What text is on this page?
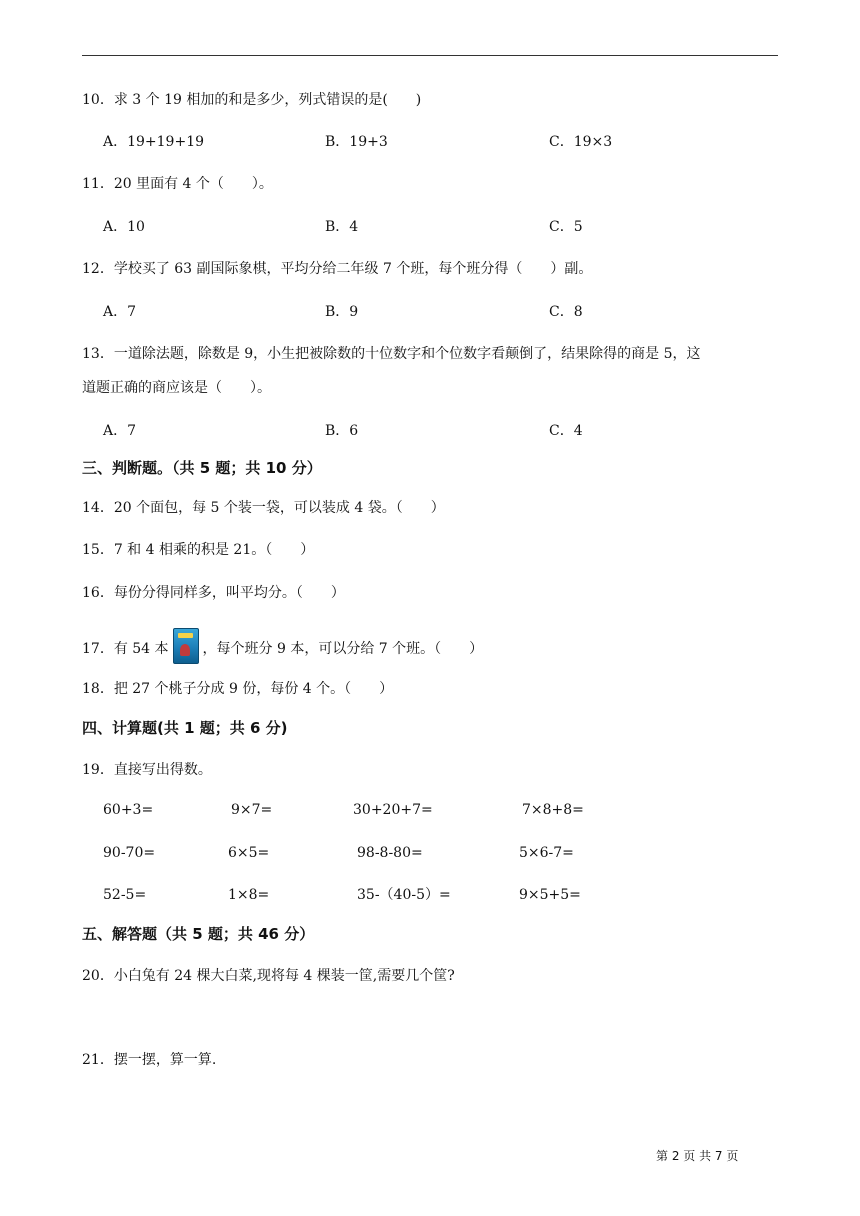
10．求 3 个 19 相加的和是多少，列式错误的是(　　)
A．19+19+19	B．19+3	C．19×3
11．20 里面有 4 个（　　）。
A．10	B．4	C．5
12．学校买了 63 副国际象棋，平均分给二年级 7 个班，每个班分得（　　）副。
A．7	B．9	C．8
13．一道除法题，除数是 9，小生把被除数的十位数字和个位数字看颠倒了，结果除得的商是 5，这
道题正确的商应该是（　　）。
A．7	B．6	C．4
三、判断题。（共 5 题；共 10 分）
14．20 个面包，每 5 个装一袋，可以装成 4 袋。（　　）
15．7 和 4 相乘的积是 21。（　　）
16．每份分得同样多，叫平均分。（　　）
17．有 54 本 ，每个班分 9 本，可以分给 7 个班。（　　）
18．把 27 个桃子分成 9 份，每份 4 个。（　　）
四、计算题(共 1 题；共 6 分)
19．直接写出得数。
60+3=	9×7=	30+20+7=	7×8+8=
90-70=	6×5=	98-8-80=	5×6-7=
52-5=	1×8=	35-（40-5）=	9×5+5=
五、解答题（共 5 题；共 46 分）
20．小白兔有 24 棵大白菜,现将每 4 棵装一筐,需要几个筐?
21．摆一摆，算一算.
第 2 页 共 7 页
